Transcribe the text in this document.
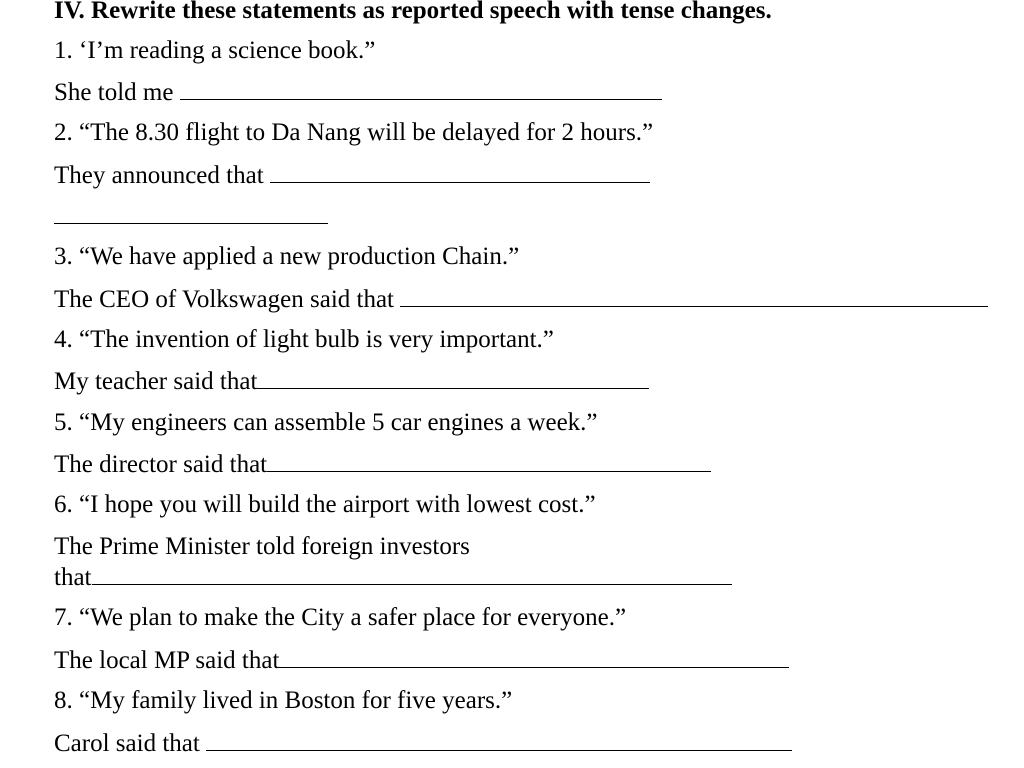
IV. Rewrite these statements as reported speech with tense changes.
1. ‘I’m reading a science book.”
She told me
2. “The 8.30 flight to Da Nang will be delayed for 2 hours.”
They announced that
3. “We have applied a new production Chain.”
The CEO of Volkswagen said that
4. “The invention of light bulb is very important.”
My teacher said that
5. “My engineers can assemble 5 car engines a week.”
The director said that
6. “I hope you will build the airport with lowest cost.”
The Prime Minister told foreign investors
that
7. “We plan to make the City a safer place for everyone.”
The local MP said that
8. “My family lived in Boston for five years.”
Carol said that
